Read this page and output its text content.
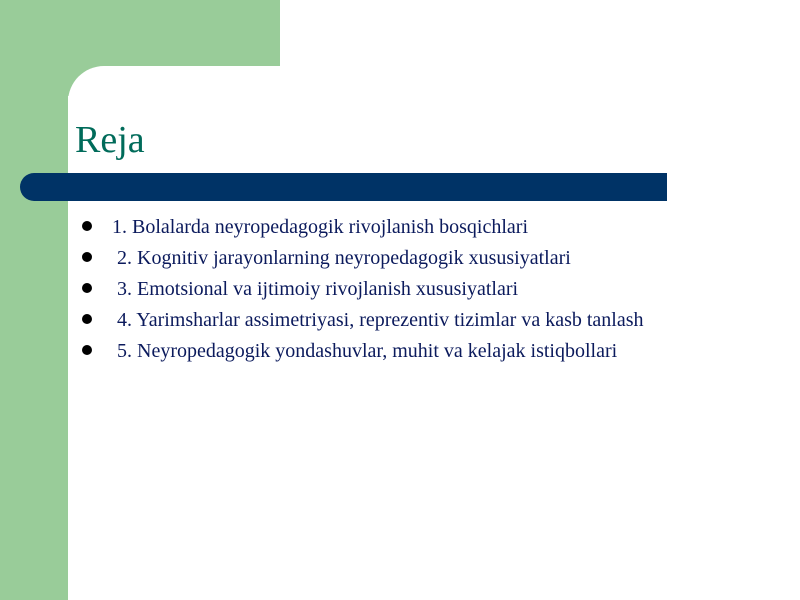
Reja
1. Bolalarda neyropedagogik rivojlanish bosqichlari
2. Kognitiv jarayonlarning neyropedagogik xususiyatlari
3. Emotsional va ijtimoiy rivojlanish xususiyatlari
4. Yarimsharlar assimetriyasi, reprezentiv tizimlar va kasb tanlash
5. Neyropedagogik yondashuvlar, muhit va kelajak istiqbollari
